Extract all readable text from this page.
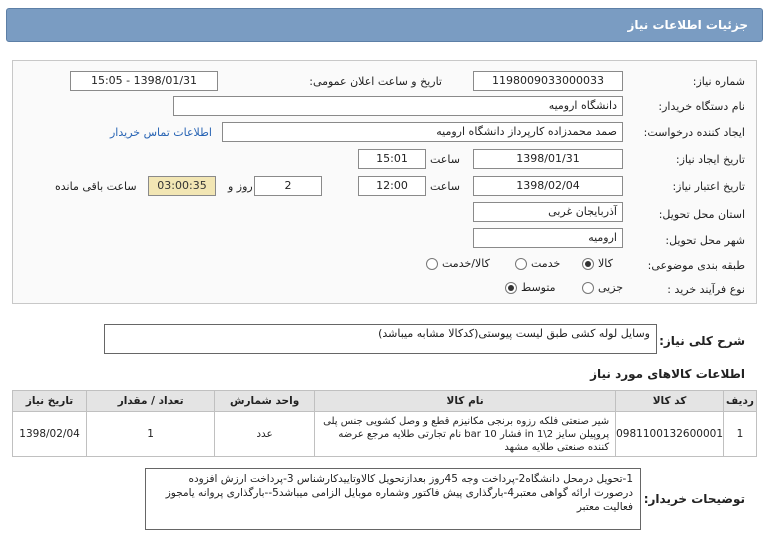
جزئیات اطلاعات نیاز
شماره نیاز:
1198009033000033
تاریخ و ساعت اعلان عمومی:
1398/01/31 - 15:05
نام دستگاه خریدار:
دانشگاه ارومیه
ایجاد کننده درخواست:
صمد محمدزاده کارپرداز دانشگاه ارومیه
اطلاعات تماس خریدار
تاریخ ایجاد نیاز:
1398/01/31
ساعت
15:01
تاریخ اعتبار نیاز:
1398/02/04
ساعت
12:00
2
روز و
03:00:35
ساعت باقی مانده
استان محل تحویل:
آذربایجان غربی
شهر محل تحویل:
ارومیه
طبقه بندی موضوعی:
کالا
خدمت
کالا/خدمت
نوع فرآیند خرید :
جزیی
متوسط
شرح کلی نیاز:
وسایل لوله کشی طبق لیست پیوستی(کدکالا مشابه میباشد)
اطلاعات کالاهای مورد نیاز
ردیف	کد کالا	نام کالا	واحد شمارش	تعداد / مقدار	تاریخ نیاز
1	0981100132600001	شیر صنعتی فلکه رزوه برنجی مکانیزم قطع و وصل کشویی جنس پلی پروپیلن سایز 2\1 in فشار 10 bar نام تجارتی طلایه مرجع عرضه کننده صنعتی طلایه مشهد	عدد	1	1398/02/04
توضیحات خریدار:
1-تحویل درمحل دانشگاه2-پرداخت وجه 45روز بعدازتحویل کالاوتاییدکارشناس 3-پرداخت ارزش افزوده درصورت ارائه گواهی معتبر4-بارگذاری پیش فاکتور وشماره موبایل الزامی میباشد5--بارگذاری پروانه یامجوز فعالیت معتبر
